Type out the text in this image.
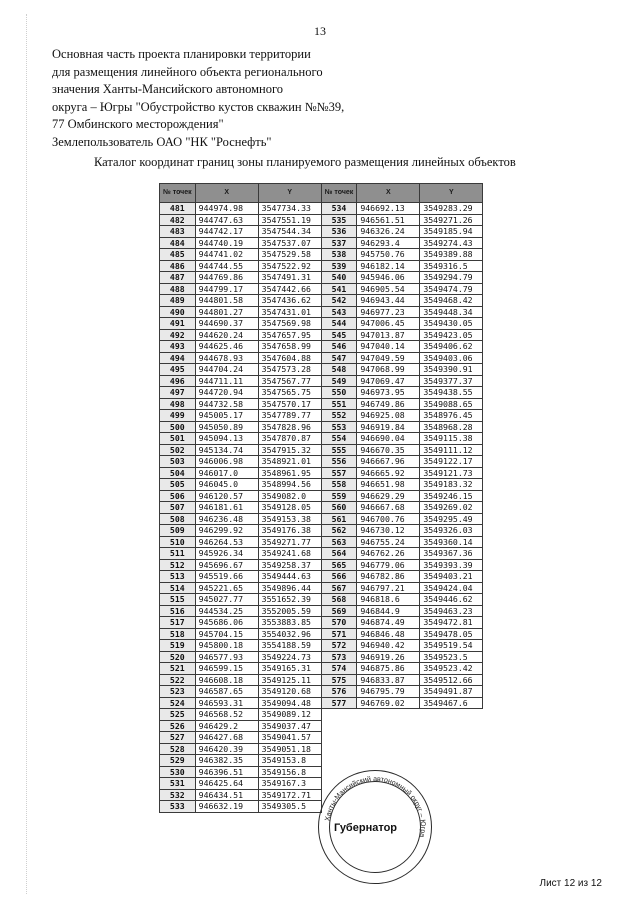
13
Основная часть проекта планировки территории
для размещения линейного объекта регионального
значения Ханты-Мансийского автономного
округа – Югры "Обустройство кустов скважин №№39,
77 Омбинского месторождения"
Землепользователь ОАО "НК "Роснефть"
Каталог координат границ зоны планируемого размещения линейных объектов
№ точек	X	Y	№ точек	X	Y
481	944974.98	3547734.33	534	946692.13	3549283.29
482	944747.63	3547551.19	535	946561.51	3549271.26
483	944742.17	3547544.34	536	946326.24	3549185.94
484	944740.19	3547537.07	537	946293.4	3549274.43
485	944741.02	3547529.58	538	945750.76	3549389.88
486	944744.55	3547522.92	539	946182.14	3549316.5
487	944769.86	3547491.31	540	945946.06	3549294.79
488	944799.17	3547442.66	541	946905.54	3549474.79
489	944801.58	3547436.62	542	946943.44	3549468.42
490	944801.27	3547431.01	543	946977.23	3549448.34
491	944690.37	3547569.98	544	947006.45	3549430.05
492	944620.24	3547657.95	545	947013.87	3549423.05
493	944625.46	3547658.99	546	947040.14	3549406.62
494	944678.93	3547604.88	547	947049.59	3549403.06
495	944704.24	3547573.28	548	947068.99	3549390.91
496	944711.11	3547567.77	549	947069.47	3549377.37
497	944720.94	3547565.75	550	946973.95	3549438.55
498	944732.58	3547570.17	551	946749.86	3549088.65
499	945005.17	3547789.77	552	946925.08	3548976.45
500	945050.89	3547828.96	553	946919.84	3548968.28
501	945094.13	3547870.87	554	946690.04	3549115.38
502	945134.74	3547915.32	555	946670.35	3549111.12
503	946006.98	3548921.01	556	946667.96	3549122.17
504	946017.0	3548961.95	557	946665.92	3549121.73
505	946045.0	3548994.56	558	946651.98	3549183.32
506	946120.57	3549082.0	559	946629.29	3549246.15
507	946181.61	3549128.05	560	946667.68	3549269.02
508	946236.48	3549153.38	561	946700.76	3549295.49
509	946299.92	3549176.38	562	946730.12	3549326.03
510	946264.53	3549271.77	563	946755.24	3549360.14
511	945926.34	3549241.68	564	946762.26	3549367.36
512	945696.67	3549258.37	565	946779.06	3549393.39
513	945519.66	3549444.63	566	946782.86	3549403.21
514	945221.65	3549896.44	567	946797.21	3549424.04
515	945027.77	3551652.39	568	946818.6	3549446.62
516	944534.25	3552005.59	569	946844.9	3549463.23
517	945686.06	3553883.85	570	946874.49	3549472.81
518	945704.15	3554032.96	571	946846.48	3549478.05
519	945800.18	3554188.59	572	946940.42	3549519.54
520	946577.93	3549224.73	573	946919.26	3549523.5
521	946599.15	3549165.31	574	946875.86	3549523.42
522	946608.18	3549125.11	575	946833.87	3549512.66
523	946587.65	3549120.68	576	946795.79	3549491.87
524	946593.31	3549094.48	577	946769.02	3549467.6
525	946568.52	3549089.12			
526	946429.2	3549037.47			
527	946427.68	3549041.57			
528	946420.39	3549051.18			
529	946382.35	3549153.8			
530	946396.51	3549156.8			
531	946425.64	3549167.3			
532	946434.51	3549172.71			
533	946632.19	3549305.5			
Ханты-Мансийский автономный округ – Югра
Губернатор
Лист 12 из 12
